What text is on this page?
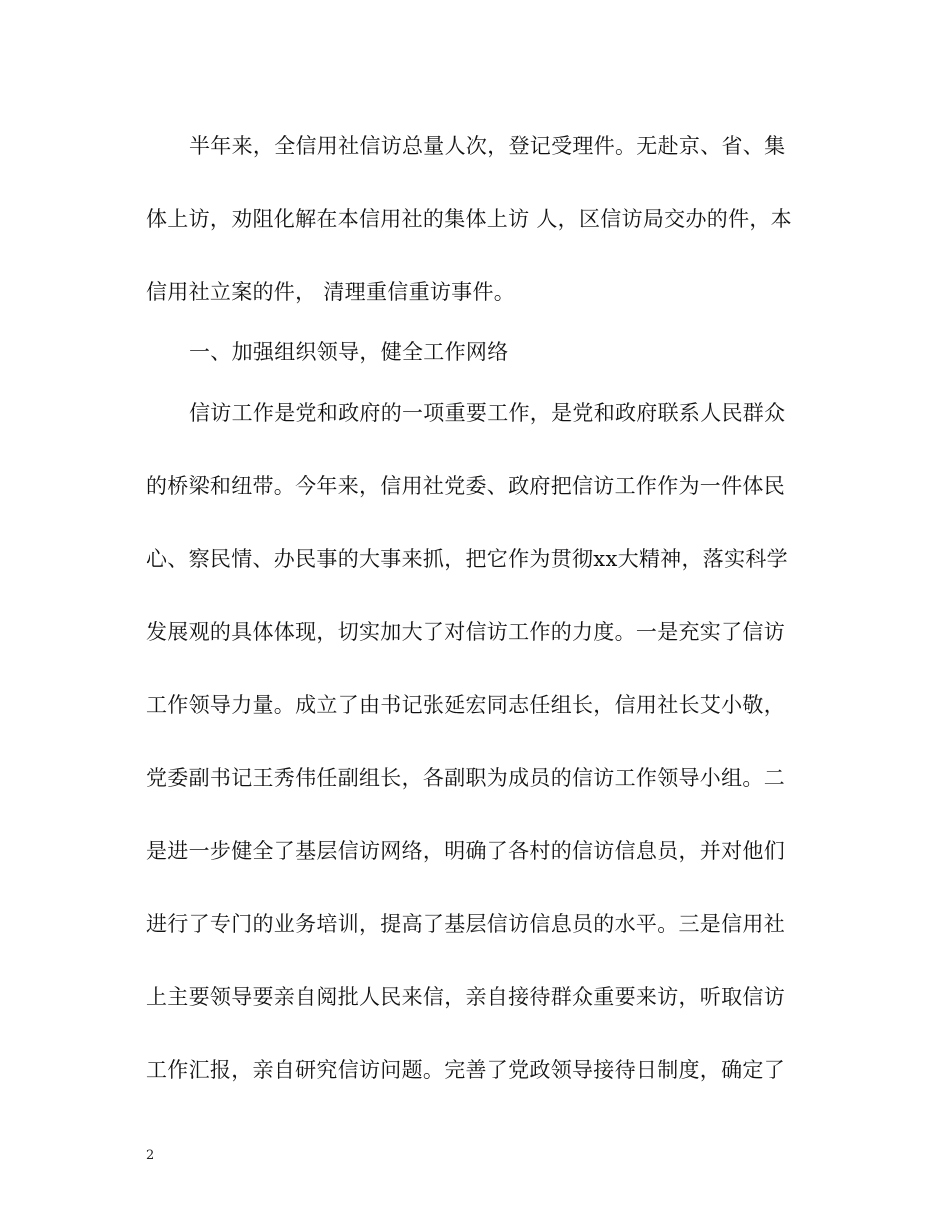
半年来，全信用社信访总量人次，登记受理件。无赴京、省、集
体上访，劝阻化解在本信用社的集体上访 人，区信访局交办的件，本
信用社立案的件， 清理重信重访事件。
一、加强组织领导，健全工作网络
信访工作是党和政府的一项重要工作，是党和政府联系人民群众
的桥梁和纽带。今年来，信用社党委、政府把信访工作作为一件体民
心、察民情、办民事的大事来抓，把它作为贯彻xx大精神，落实科学
发展观的具体体现，切实加大了对信访工作的力度。一是充实了信访
工作领导力量。成立了由书记张延宏同志任组长，信用社长艾小敬，
党委副书记王秀伟任副组长，各副职为成员的信访工作领导小组。二
是进一步健全了基层信访网络，明确了各村的信访信息员，并对他们
进行了专门的业务培训，提高了基层信访信息员的水平。三是信用社
上主要领导要亲自阅批人民来信，亲自接待群众重要来访，听取信访
工作汇报，亲自研究信访问题。完善了党政领导接待日制度，确定了
2
